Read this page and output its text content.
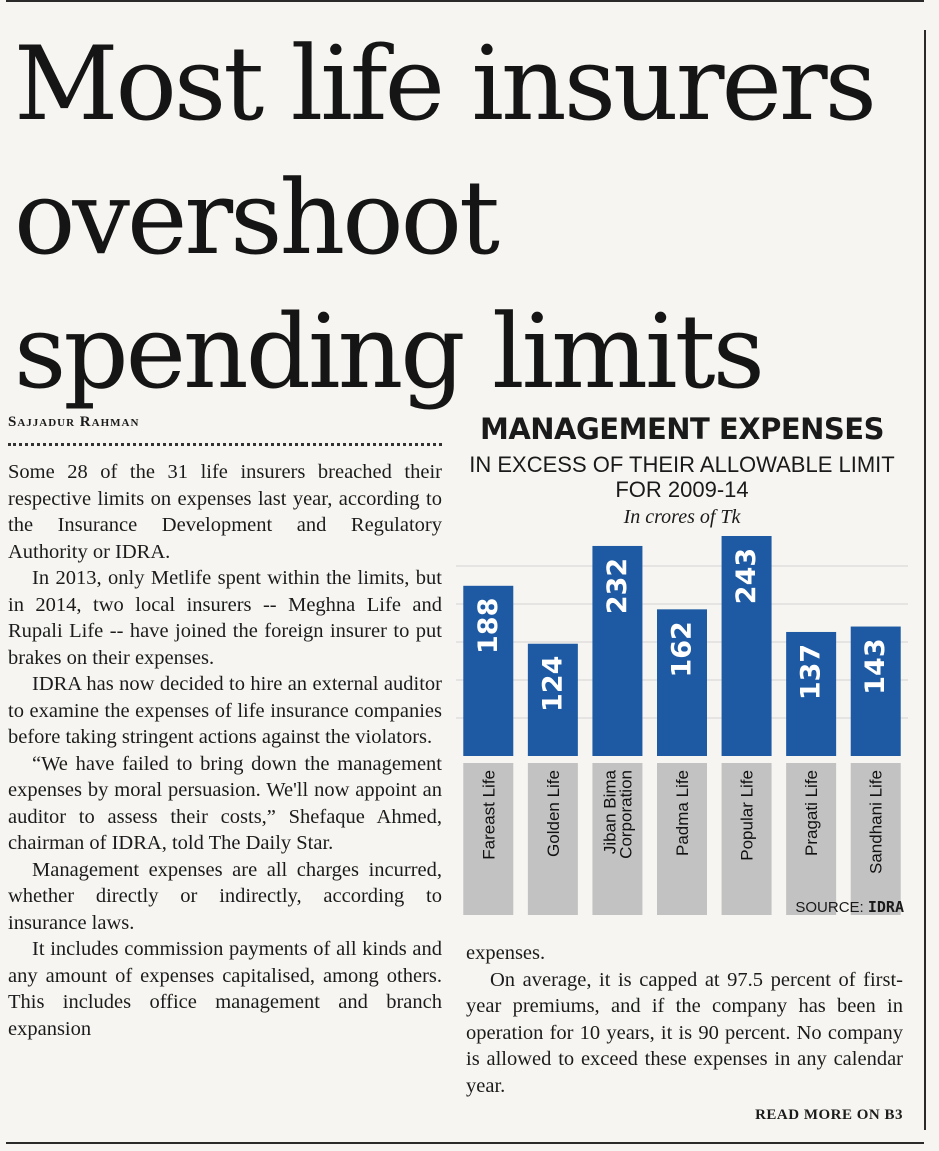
Most life insurers overshoot spending limits
Sajjadur Rahman

Some 28 of the 31 life insurers breached their respective limits on expenses last year, according to the Insurance Development and Regulatory Authority or IDRA.

In 2013, only Metlife spent within the limits, but in 2014, two local insurers -- Meghna Life and Rupali Life -- have joined the foreign insurer to put brakes on their expenses.

IDRA has now decided to hire an external auditor to examine the expenses of life insurance companies before taking stringent actions against the violators.

“We have failed to bring down the management expenses by moral persuasion. We'll now appoint an auditor to assess their costs,” Shefaque Ahmed, chairman of IDRA, told The Daily Star.

Management expenses are all charges incurred, whether directly or indirectly, according to insurance laws.

It includes commission payments of all kinds and any amount of expenses capitalised, among others. This includes office management and branch expansion

MANAGEMENT EXPENSES
IN EXCESS OF THEIR ALLOWABLE LIMIT
FOR 2009-14
In crores of Tk
188
Fareast Life
124
Golden Life
232
Jiban BimaCorporation
162
Padma Life
243
Popular Life
137
Pragati Life
143
Sandhani Life
SOURCE: IDRA

expenses.

On average, it is capped at 97.5 percent of first-year premiums, and if the company has been in operation for 10 years, it is 90 percent. No company is allowed to exceed these expenses in any calendar year.

READ MORE ON B3
